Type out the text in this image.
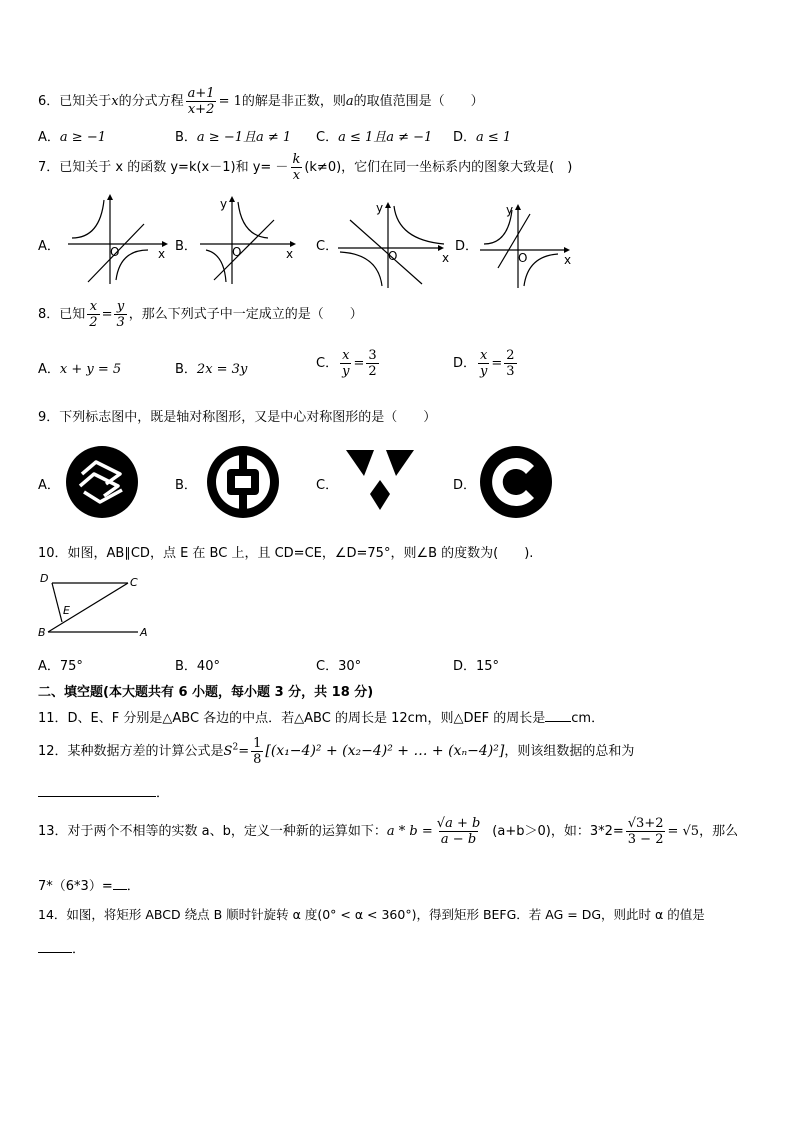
6．已知关于x的分式方程 $\frac{a+1}{x+2} = 1$的解是非正数，则a的取值范围是（　　）
A．a ≥ −1	B．a ≥ −1且a ≠ 1 C．a ≤ 1且a ≠ −1 D．a ≤ 1
7．已知关于 x 的函数 y=k(x－1)和 $y= - \frac{k}{x} (k\ne 0)$，它们在同一坐标系内的图象大致是(　)
A．	O	x B．	O
y
x C．
O
y
x
D．
O
y
x
8．已知 $\frac{x}{2} = \frac{y}{3}$ ，那么下列式子中一定成立的是（　　）
A．x + y = 5	B．2x = 3y	C． $\frac{x}{y} = \frac{3}{2}$	D． $\frac{x}{y} = \frac{2}{3}$
9．下列标志图中，既是轴对称图形，又是中心对称图形的是（　　）
A．	B．	C．	D．
10．如图，AB∥CD，点 E 在 BC 上，且 CD=CE，∠D=75°，则∠B 的度数为(　　).
D	C
E
B	A
A．75°	B．40°	C．30°	D．15°
二、填空题(本大题共有 6 小题，每小题 3 分，共 18 分)
11．D、E、F 分别是△ABC 各边的中点．若△ABC 的周长是 12cm，则△DEF 的周长是 cm．
12．某种数据方差的计算公式是$S^2= \frac{1}{8} [(x_1-4)^2 + (x_2-4)^2$ + … + (xₙ−4)²]，则该组数据的总和为
．
13．对于两个不相等的实数 a、b，定义一种新的运算如下：$a * b = \frac{√a + b}{a - b} (a+b>0)$，如：$3*2= \frac{√3+2}{3 - 2} = √5$，那么
7*（6*3）= ．
14．如图，将矩形 ABCD 绕点 B 顺时针旋转 α 度(0° < α < 360°)，得到矩形 BEFG．若 AG = DG，则此时 α 的值是
．
